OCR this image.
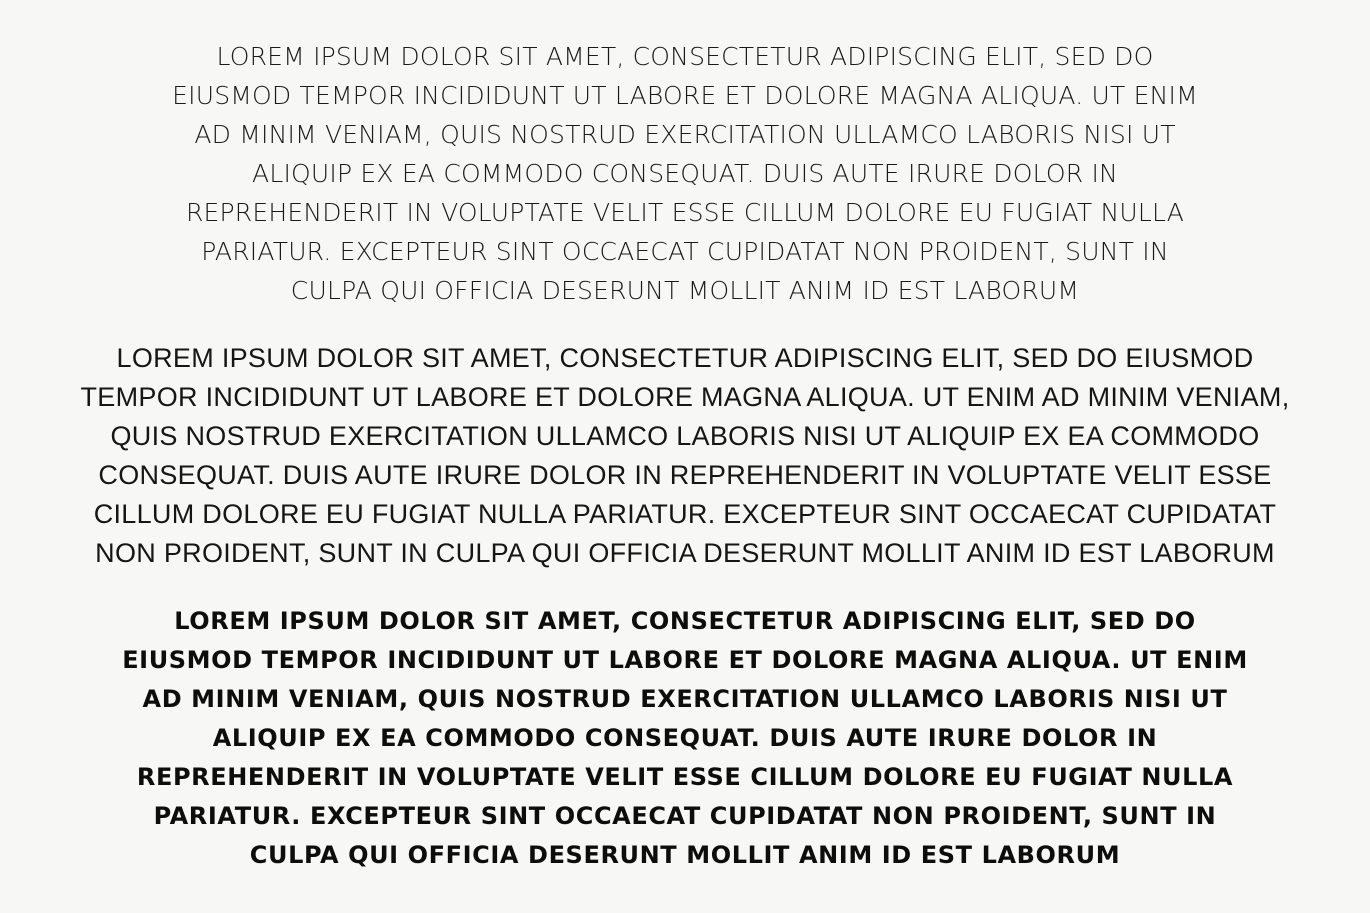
LOREM IPSUM DOLOR SIT AMET, CONSECTETUR ADIPISCING ELIT, SED DO
EIUSMOD TEMPOR INCIDIDUNT UT LABORE ET DOLORE MAGNA ALIQUA. UT ENIM
AD MINIM VENIAM, QUIS NOSTRUD EXERCITATION ULLAMCO LABORIS NISI UT
ALIQUIP EX EA COMMODO CONSEQUAT. DUIS AUTE IRURE DOLOR IN
REPREHENDERIT IN VOLUPTATE VELIT ESSE CILLUM DOLORE EU FUGIAT NULLA
PARIATUR. EXCEPTEUR SINT OCCAECAT CUPIDATAT NON PROIDENT, SUNT IN
CULPA QUI OFFICIA DESERUNT MOLLIT ANIM ID EST LABORUM
LOREM IPSUM DOLOR SIT AMET, CONSECTETUR ADIPISCING ELIT, SED DO EIUSMOD
TEMPOR INCIDIDUNT UT LABORE ET DOLORE MAGNA ALIQUA. UT ENIM AD MINIM VENIAM,
QUIS NOSTRUD EXERCITATION ULLAMCO LABORIS NISI UT ALIQUIP EX EA COMMODO
CONSEQUAT. DUIS AUTE IRURE DOLOR IN REPREHENDERIT IN VOLUPTATE VELIT ESSE
CILLUM DOLORE EU FUGIAT NULLA PARIATUR. EXCEPTEUR SINT OCCAECAT CUPIDATAT
NON PROIDENT, SUNT IN CULPA QUI OFFICIA DESERUNT MOLLIT ANIM ID EST LABORUM
LOREM IPSUM DOLOR SIT AMET, CONSECTETUR ADIPISCING ELIT, SED DO
EIUSMOD TEMPOR INCIDIDUNT UT LABORE ET DOLORE MAGNA ALIQUA. UT ENIM
AD MINIM VENIAM, QUIS NOSTRUD EXERCITATION ULLAMCO LABORIS NISI UT
ALIQUIP EX EA COMMODO CONSEQUAT. DUIS AUTE IRURE DOLOR IN
REPREHENDERIT IN VOLUPTATE VELIT ESSE CILLUM DOLORE EU FUGIAT NULLA
PARIATUR. EXCEPTEUR SINT OCCAECAT CUPIDATAT NON PROIDENT, SUNT IN
CULPA QUI OFFICIA DESERUNT MOLLIT ANIM ID EST LABORUM
